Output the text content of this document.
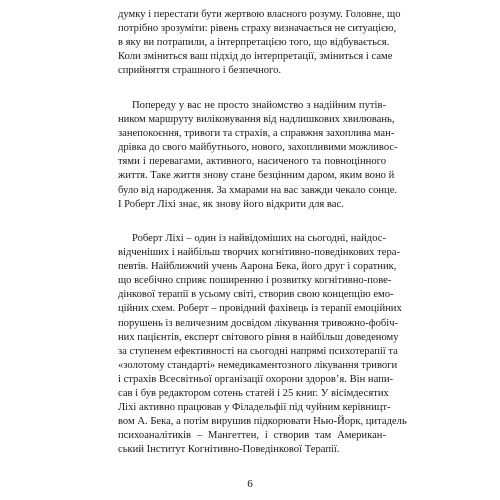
думку і перестати бути жертвою власного розуму. Головне, що
потрібно зрозуміти: рівень страху визначається не ситуацією,
в яку ви потрапили, а інтерпретацією того, що відбувається.
Коли зміниться ваш підхід до інтерпретації, зміниться і саме
сприйняття страшного і безпечного.
Попереду у вас не просто знайомство з надійним путів-
ником маршруту виліковування від надлишкових хвилювань,
занепокоєння, тривоги та страхів, а справжня захоплива ман-
дрівка до свого майбутнього, нового, захопливими можливос-
тями і перевагами, активного, насиченого та повноцінного
життя. Таке життя знову стане безцінним даром, яким воно й
було від народження. За хмарами на вас завжди чекало сонце.
І Роберт Ліхі знає, як знову його відкрити для вас.
Роберт Ліхі – один із найвідоміших на сьогодні, найдос-
відченіших і найбільш творчих когнітивно-поведінкових тера-
певтів. Найближчий учень Аарона Бека, його друг і соратник,
що всебічно сприяє поширенню і розвитку когнітивно-пове-
дінкової терапії в усьому світі, створив свою концепцію емо-
ційних схем. Роберт – провідний фахівець із терапії емоційних
порушень із величезним досвідом лікування тривожно-фобіч-
них пацієнтів, експерт світового рівня в найбільш доведеному
за ступенем ефективності на сьогодні напрямі психотерапії та
«золотому стандарті» немедикаментозного лікування тривоги
і страхів Всесвітньої організації охорони здоров’я. Він напи-
сав і був редактором сотень статей і 25 книг. У вісімдесятих
Ліхі активно працював у Філадельфії під чуйним керівницт-
вом А. Бека, а потім вирушив підкорювати Нью-Йорк, цитадель
психоаналітиків – Мангеттен, і створив там Американ-
ський Інститут Когнітивно-Поведінкової Терапії.
6
